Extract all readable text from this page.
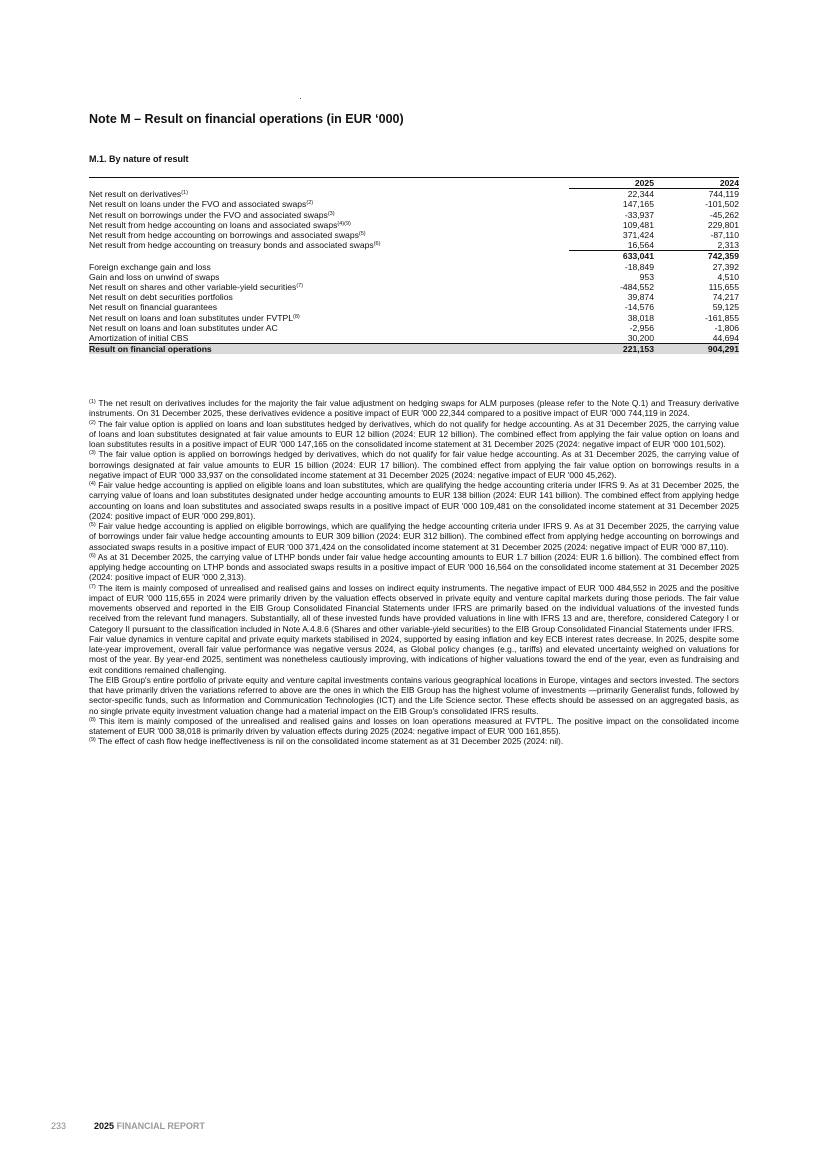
Note M – Result on financial operations (in EUR ‘000)
M.1. By nature of result
	2025	2024
Net result on derivatives$^{(1)}$	22,344	744,119
Net result on loans under the FVO and associated swaps$^{(2)}$	147,165	-101,502
Net result on borrowings under the FVO and associated swaps$^{(3)}$	-33,937	-45,262
Net result from hedge accounting on loans and associated swaps$^{(4)(9)}$	109,481	229,801
Net result from hedge accounting on borrowings and associated swaps$^{(5)}$	371,424	-87,110
Net result from hedge accounting on treasury bonds and associated swaps$^{(6)}$	16,564	2,313
	633,041	742,359
Foreign exchange gain and loss	-18,849	27,392
Gain and loss on unwind of swaps	953	4,510
Net result on shares and other variable-yield securities$^{(7)}$	-484,552	115,655
Net result on debt securities portfolios	39,874	74,217
Net result on financial guarantees	-14,576	59,125
Net result on loans and loan substitutes under FVTPL$^{(8)}$	38,018	-161,855
Net result on loans and loan substitutes under AC	-2,956	-1,806
Amortization of initial CBS	30,200	44,694
Result on financial operations	221,153	904,291

$^{(1)}$ The net result on derivatives includes for the majority the fair value adjustment on hedging swaps for ALM purposes (please refer to the Note Q.1) and Treasury derivative instruments. On 31 December 2025, these derivatives evidence a positive impact of EUR '000 22,344 compared to a positive impact of EUR '000 744,119 in 2024.

$^{(2)}$ The fair value option is applied on loans and loan substitutes hedged by derivatives, which do not qualify for hedge accounting. As at 31 December 2025, the carrying value of loans and loan substitutes designated at fair value amounts to EUR 12 billion (2024: EUR 12 billion). The combined effect from applying the fair value option on loans and loan substitutes results in a positive impact of EUR '000 147,165 on the consolidated income statement at 31 December 2025 (2024: negative impact of EUR '000 101,502).

$^{(3)}$ The fair value option is applied on borrowings hedged by derivatives, which do not qualify for fair value hedge accounting. As at 31 December 2025, the carrying value of borrowings designated at fair value amounts to EUR 15 billion (2024: EUR 17 billion). The combined effect from applying the fair value option on borrowings results in a negative impact of EUR '000 33,937 on the consolidated income statement at 31 December 2025 (2024: negative impact of EUR '000 45,262).

$^{(4)}$ Fair value hedge accounting is applied on eligible loans and loan substitutes, which are qualifying the hedge accounting criteria under IFRS 9. As at 31 December 2025, the carrying value of loans and loan substitutes designated under hedge accounting amounts to EUR 138 billion (2024: EUR 141 billion). The combined effect from applying hedge accounting on loans and loan substitutes and associated swaps results in a positive impact of EUR '000 109,481 on the consolidated income statement at 31 December 2025 (2024: positive impact of EUR '000 299,801).

$^{(5)}$ Fair value hedge accounting is applied on eligible borrowings, which are qualifying the hedge accounting criteria under IFRS 9. As at 31 December 2025, the carrying value of borrowings under fair value hedge accounting amounts to EUR 309 billion (2024: EUR 312 billion). The combined effect from applying hedge accounting on borrowings and associated swaps results in a positive impact of EUR '000 371,424 on the consolidated income statement at 31 December 2025 (2024: negative impact of EUR '000 87,110).

$^{(6)}$ As at 31 December 2025, the carrying value of LTHP bonds under fair value hedge accounting amounts to EUR 1.7 billion (2024: EUR 1.6 billion). The combined effect from applying hedge accounting on LTHP bonds and associated swaps results in a positive impact of EUR '000 16,564 on the consolidated income statement at 31 December 2025 (2024: positive impact of EUR '000 2,313).

$^{(7)}$ The item is mainly composed of unrealised and realised gains and losses on indirect equity instruments. The negative impact of EUR '000 484,552 in 2025 and the positive impact of EUR '000 115,655 in 2024 were primarily driven by the valuation effects observed in private equity and venture capital markets during those periods. The fair value movements observed and reported in the EIB Group Consolidated Financial Statements under IFRS are primarily based on the individual valuations of the invested funds received from the relevant fund managers. Substantially, all of these invested funds have provided valuations in line with IFRS 13 and are, therefore, considered Category I or Category II pursuant to the classification included in Note A.4.8.6 (Shares and other variable-yield securities) to the EIB Group Consolidated Financial Statements under IFRS.

Fair value dynamics in venture capital and private equity markets stabilised in 2024, supported by easing inflation and key ECB interest rates decrease. In 2025, despite some late-year improvement, overall fair value performance was negative versus 2024, as Global policy changes (e.g., tariffs) and elevated uncertainty weighed on valuations for most of the year. By year-end 2025, sentiment was nonetheless cautiously improving, with indications of higher valuations toward the end of the year, even as fundraising and exit conditions remained challenging.

The EIB Group's entire portfolio of private equity and venture capital investments contains various geographical locations in Europe, vintages and sectors invested. The sectors that have primarily driven the variations referred to above are the ones in which the EIB Group has the highest volume of investments —primarily Generalist funds, followed by sector-specific funds, such as Information and Communication Technologies (ICT) and the Life Science sector. These effects should be assessed on an aggregated basis, as no single private equity investment valuation change had a material impact on the EIB Group's consolidated IFRS results.

$^{(8)}$ This item is mainly composed of the unrealised and realised gains and losses on loan operations measured at FVTPL. The positive impact on the consolidated income statement of EUR '000 38,018 is primarily driven by valuation effects during 2025 (2024: negative impact of EUR '000 161,855).

$^{(9)}$ The effect of cash flow hedge ineffectiveness is nil on the consolidated income statement as at 31 December 2025 (2024: nil).

233	2025 FINANCIAL REPORT
